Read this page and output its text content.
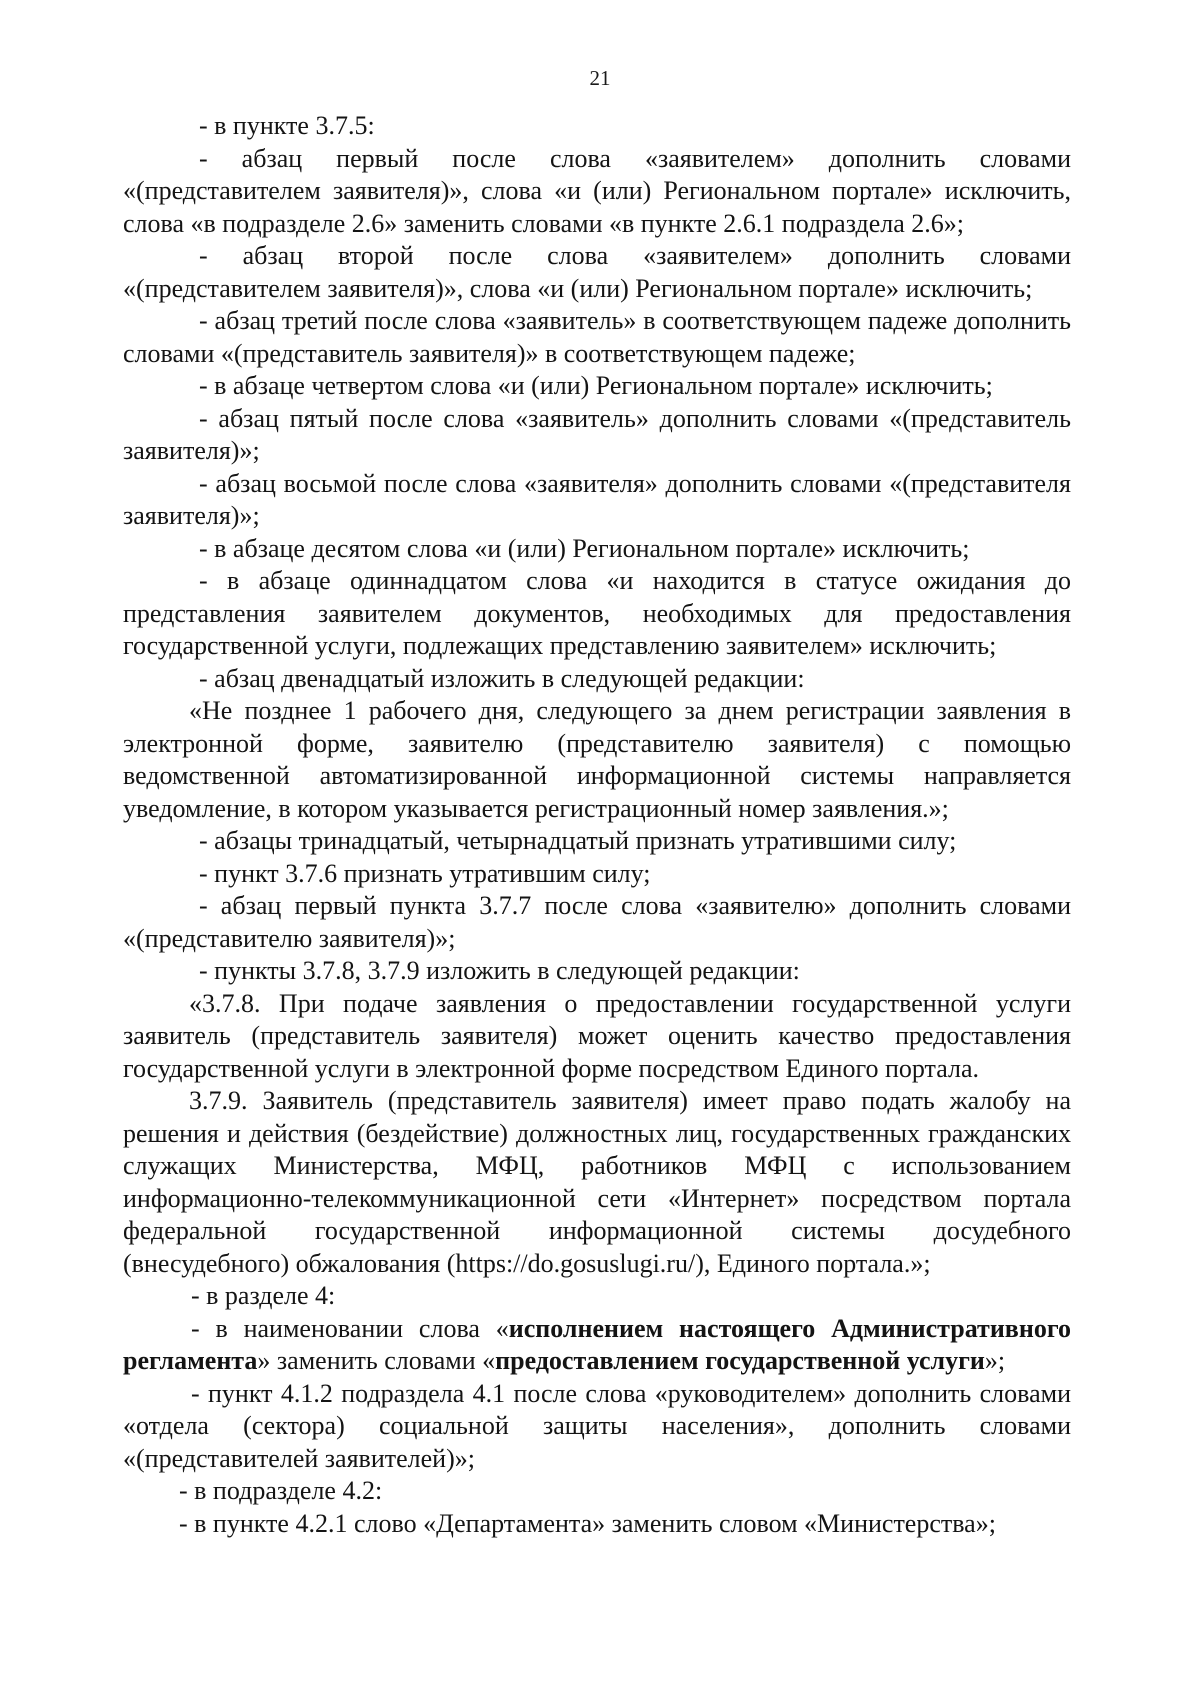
21

- в пункте 3.7.5:

- абзац первый после слова «заявителем» дополнить словами «(представителем заявителя)», слова «и (или) Региональном портале» исключить, слова «в подразделе 2.6» заменить словами «в пункте 2.6.1 подраздела 2.6»;

- абзац второй после слова «заявителем» дополнить словами «(представителем заявителя)», слова «и (или) Региональном портале» исключить;

- абзац третий после слова «заявитель» в соответствующем падеже дополнить словами «(представитель заявителя)» в соответствующем падеже;

- в абзаце четвертом слова «и (или) Региональном портале» исключить;

- абзац пятый после слова «заявитель» дополнить словами «(представитель заявителя)»;

- абзац восьмой после слова «заявителя» дополнить словами «(представителя заявителя)»;

- в абзаце десятом слова «и (или) Региональном портале» исключить;

- в абзаце одиннадцатом слова «и находится в статусе ожидания до представления заявителем документов, необходимых для предоставления государственной услуги, подлежащих представлению заявителем» исключить;

- абзац двенадцатый изложить в следующей редакции:

«Не позднее 1 рабочего дня, следующего за днем регистрации заявления в электронной форме, заявителю (представителю заявителя) с помощью ведомственной автоматизированной информационной системы направляется уведомление, в котором указывается регистрационный номер заявления.»;

- абзацы тринадцатый, четырнадцатый признать утратившими силу;

- пункт 3.7.6 признать утратившим силу;

- абзац первый пункта 3.7.7 после слова «заявителю» дополнить словами «(представителю заявителя)»;

- пункты 3.7.8, 3.7.9 изложить в следующей редакции:

«3.7.8. При подаче заявления о предоставлении государственной услуги заявитель (представитель заявителя) может оценить качество предоставления государственной услуги в электронной форме посредством Единого портала.

3.7.9. Заявитель (представитель заявителя) имеет право подать жалобу на решения и действия (бездействие) должностных лиц, государственных гражданских служащих Министерства, МФЦ, работников МФЦ с использованием информационно-телекоммуникационной сети «Интернет» посредством портала федеральной государственной информационной системы досудебного (внесудебного) обжалования (https://do.gosuslugi.ru/), Единого портала.»;

- в разделе 4:

- в наименовании слова «исполнением настоящего Административного регламента» заменить словами «предоставлением государственной услуги»;

- пункт 4.1.2 подраздела 4.1 после слова «руководителем» дополнить словами «отдела (сектора) социальной защиты населения», дополнить словами «(представителей заявителей)»;

- в подразделе 4.2:

- в пункте 4.2.1 слово «Департамента» заменить словом «Министерства»;
